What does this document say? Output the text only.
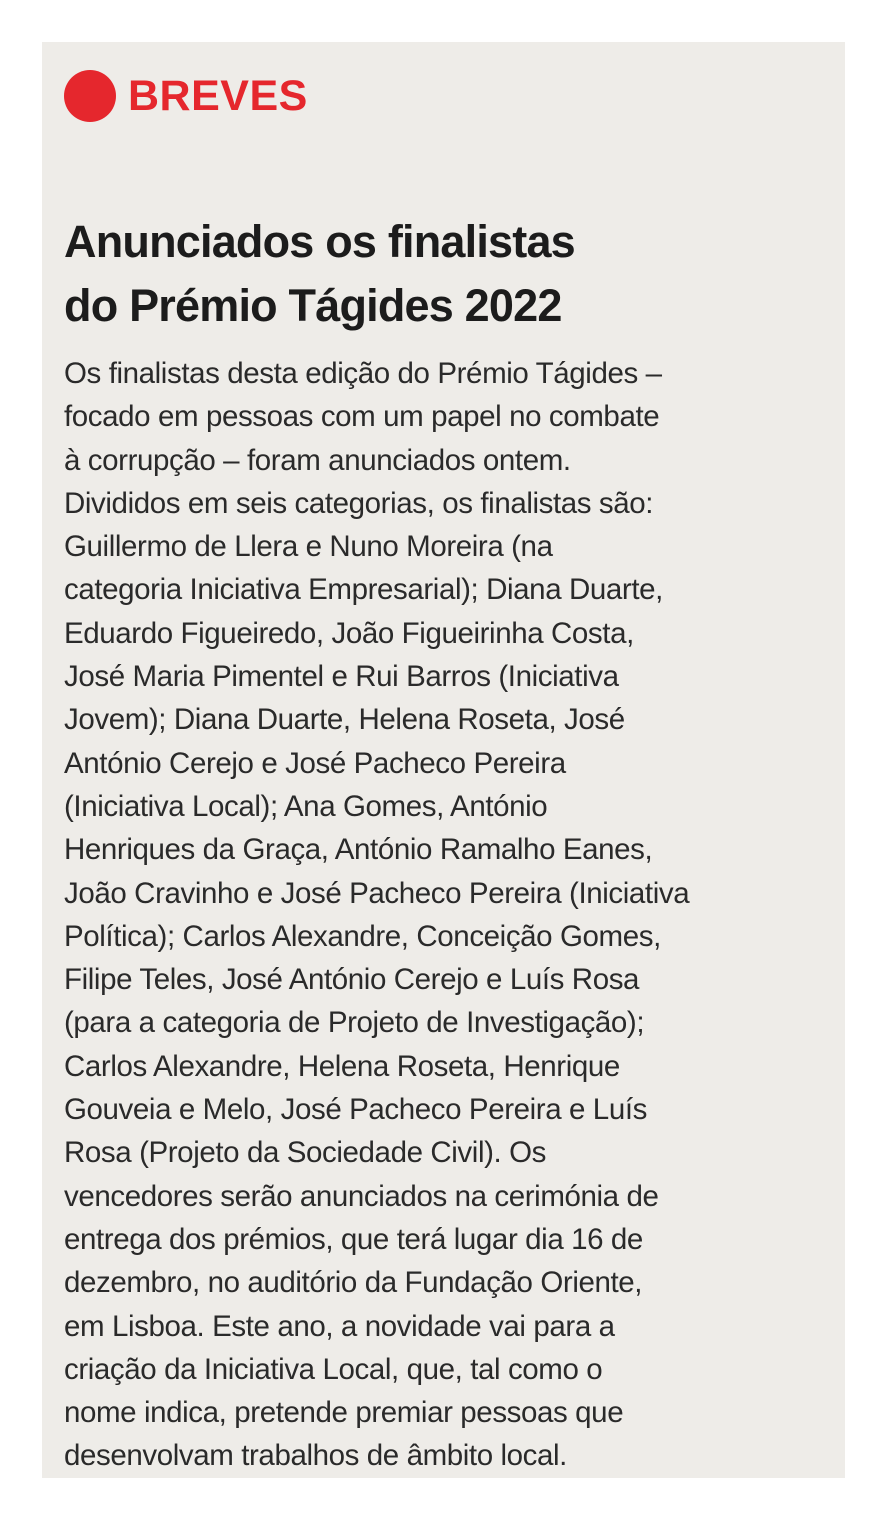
BREVES
Anunciados os finalistas
do Prémio Tágides 2022
Os finalistas desta edição do Prémio Tágides –
focado em pessoas com um papel no combate
à corrupção – foram anunciados ontem.
Divididos em seis categorias, os finalistas são:
Guillermo de Llera e Nuno Moreira (na
categoria Iniciativa Empresarial); Diana Duarte,
Eduardo Figueiredo, João Figueirinha Costa,
José Maria Pimentel e Rui Barros (Iniciativa
Jovem); Diana Duarte, Helena Roseta, José
António Cerejo e José Pacheco Pereira
(Iniciativa Local); Ana Gomes, António
Henriques da Graça, António Ramalho Eanes,
João Cravinho e José Pacheco Pereira (Iniciativa
Política); Carlos Alexandre, Conceição Gomes,
Filipe Teles, José António Cerejo e Luís Rosa
(para a categoria de Projeto de Investigação);
Carlos Alexandre, Helena Roseta, Henrique
Gouveia e Melo, José Pacheco Pereira e Luís
Rosa (Projeto da Sociedade Civil). Os
vencedores serão anunciados na cerimónia de
entrega dos prémios, que terá lugar dia 16 de
dezembro, no auditório da Fundação Oriente,
em Lisboa. Este ano, a novidade vai para a
criação da Iniciativa Local, que, tal como o
nome indica, pretende premiar pessoas que
desenvolvam trabalhos de âmbito local.
